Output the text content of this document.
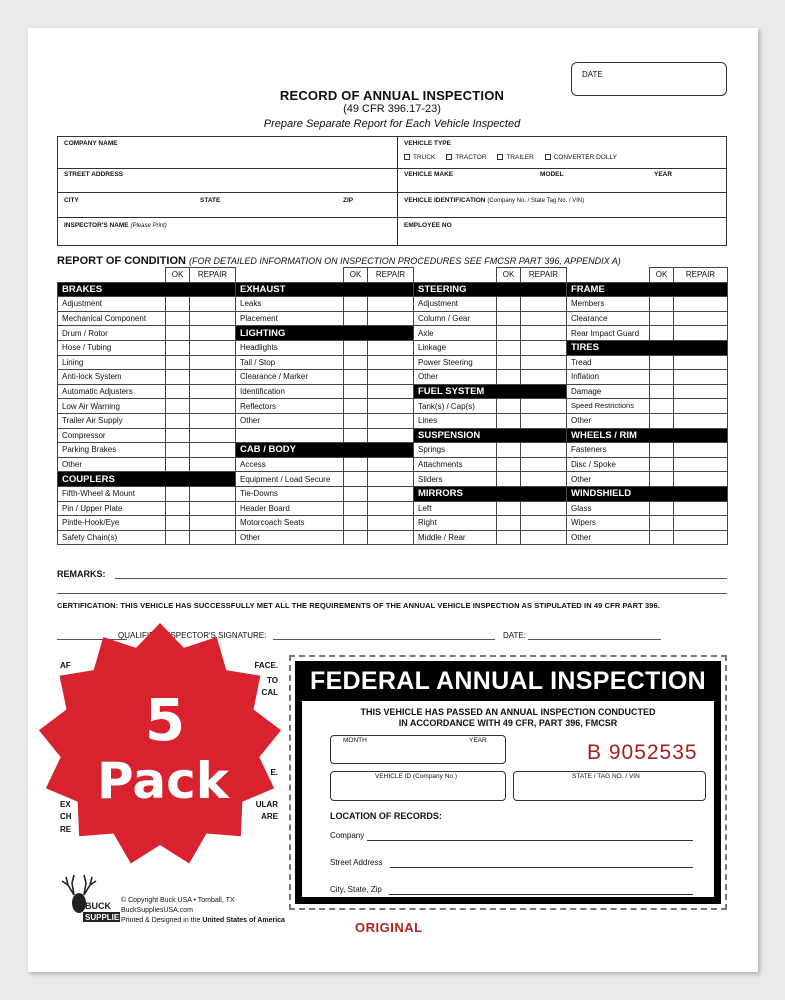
DATE
RECORD OF ANNUAL INSPECTION
(49 CFR 396.17-23)
Prepare Separate Report for Each Vehicle Inspected
COMPANY NAME	VEHICLE TYPE
TRUCK	TRACTOR	TRAILER	CONVERTER DOLLY
STREET ADDRESS	VEHICLE MAKE	MODEL	YEAR
CITY	STATE	ZIP	VEHICLE IDENTIFICATION (Company No. / State Tag No. / VIN)
INSPECTOR'S NAME (Please Print)	EMPLOYEE NO
REPORT OF CONDITION (FOR DETAILED INFORMATION ON INSPECTION PROCEDURES SEE FMCSR PART 396, APPENDIX A)
	OK	REPAIR		OK	REPAIR		OK	REPAIR		OK	REPAIR
BRAKES			EXHAUST			STEERING			FRAME		
Adjustment			Leaks			Adjustment			Members		
Mechanical Component			Placement			Column / Gear			Clearance		
Drum / Rotor			LIGHTING			Axle			Rear Impact Guard		
Hose / Tubing			Headlights			Linkage			TIRES		
Lining			Tail / Stop			Power Steering			Tread		
Anti-lock System			Clearance / Marker			Other			Inflation		
Automatic Adjusters			Identification			FUEL SYSTEM			Damage		
Low Air Warning			Reflectors			Tank(s) / Cap(s)			Speed Restrictions		
Trailer Air Supply			Other			Lines			Other		
Compressor						SUSPENSION			WHEELS / RIM		
Parking Brakes			CAB / BODY			Springs			Fasteners		
Other			Access			Attachments			Disc / Spoke		
COUPLERS			Equipment / Load Secure			Sliders			Other		
Fifth-Wheel & Mount			Tie-Downs			MIRRORS			WINDSHIELD		
Pin / Upper Plate			Header Board			Left			Glass		
Pintle-Hook/Eye			Motorcoach Seats			Right			Wipers		
Safety Chain(s)			Other			Middle / Rear			Other		
REMARKS:
CERTIFICATION: THIS VEHICLE HAS SUCCESSFULLY MET ALL THE REQUIREMENTS OF THE ANNUAL VEHICLE INSPECTION AS STIPULATED IN 49 CFR PART 396.
QUALIFIED INSPECTOR'S SIGNATURE:	DATE:
AF	FACE.
TO
CAL
E.
EX	ULAR
CH	ARE
RE
5
Pack
FEDERAL ANNUAL INSPECTION
THIS VEHICLE HAS PASSED AN ANNUAL INSPECTION CONDUCTED
IN ACCORDANCE WITH 49 CFR, PART 396, FMCSR
MONTH	YEAR
B 9052535
VEHICLE ID (Company No.)	STATE / TAG NO. / VIN
LOCATION OF RECORDS:
Company
Street Address
City, State, Zip
BUCK
SUPPLIES
© Copyright Buck USA • Tomball, TX
BuckSuppliesUSA.com
Printed & Designed in the United States of America	ORIGINAL
